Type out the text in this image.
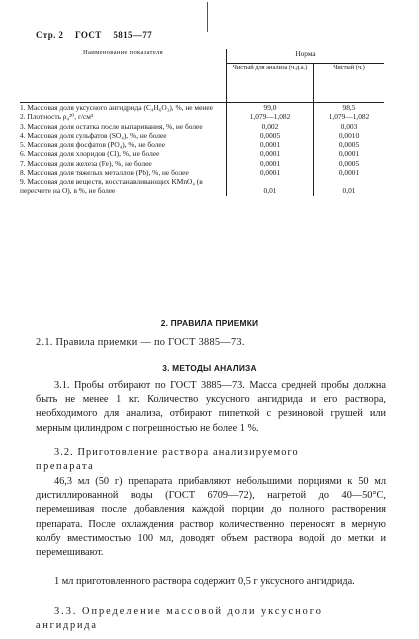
Стр. 2 ГОСТ 5815—77
Наименование показателя	Норма	
	Чистый для анализа (ч.д.а.)	Чистый (ч.)
1. Массовая доля уксусного ангидрида (C₄H₆O₃), %, не менее	99,0	98,5
2. Плотность ρ₄²⁰, г/см³	1,079—1,082	1,079—1,082
3. Массовая доля остатка после выпаривания, %, не более	0,002	0,003
4. Массовая доля сульфатов (SO₄), %, не более	0,0005	0,0010
5. Массовая доля фосфатов (PO₄), %, не более	0,0001	0,0005
6. Массовая доля хлоридов (Cl), %, не более	0,0001	0,0001
7. Массовая доля железа (Fe), %, не более	0,0001	0,0005
8. Массовая доля тяжелых металлов (Pb), %, не более	0,0001	0,0001
9. Массовая доля веществ, восстанавливающих KMnO₄ (в пересчете на O), в %, не более	0,01	0,01
2. ПРАВИЛА ПРИЕМКИ
2.1. Правила приемки — по ГОСТ 3885—73.
3. МЕТОДЫ АНАЛИЗА
3.1. Пробы отбирают по ГОСТ 3885—73. Масса средней пробы должна быть не менее 1 кг. Количество уксусного ангидрида и его раствора, необходимого для анализа, отбирают пипеткой с резиновой грушей или мерным цилиндром с погрешностью не более 1 %.
3.2. Приготовление раствора анализируемого
препарата
46,3 мл (50 г) препарата прибавляют небольшими порциями к 50 мл дистиллированной воды (ГОСТ 6709—72), нагретой до 40—50°С, перемешивая после добавления каждой порции до полного растворения препарата. После охлаждения раствор количественно переносят в мерную колбу вместимостью 100 мл, доводят объем раствора водой до метки и перемешивают.
1 мл приготовленного раствора содержит 0,5 г уксусного ангидрида.
3.3. Определение массовой доли уксусного
ангидрида
